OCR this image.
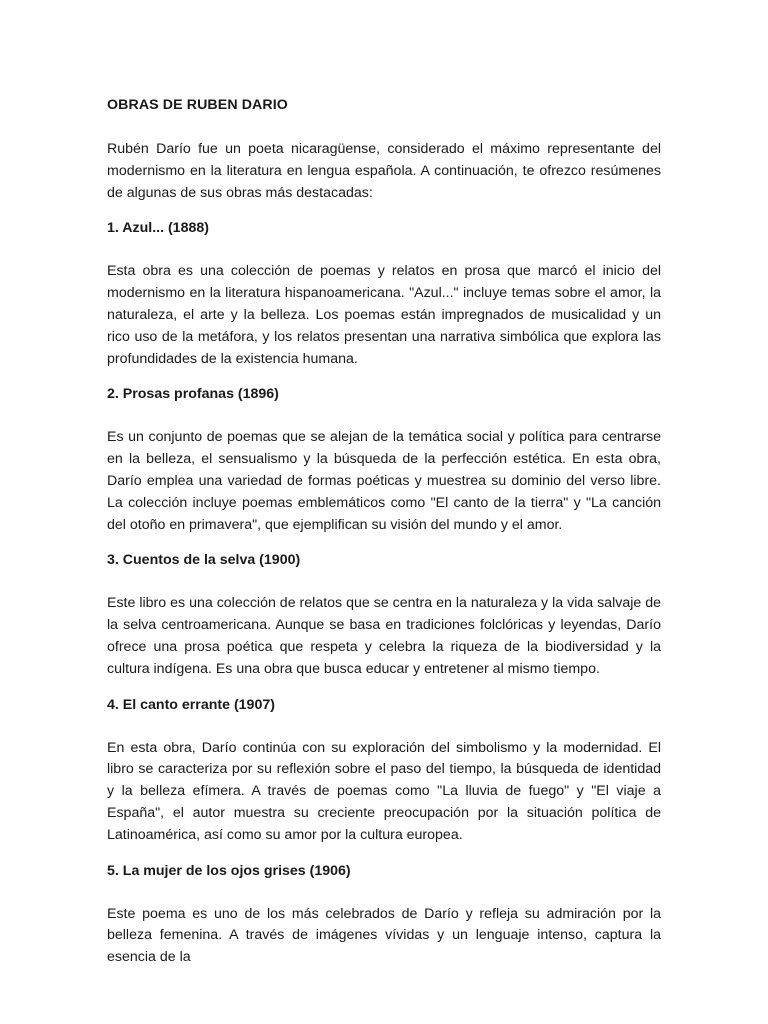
OBRAS DE RUBEN DARIO

Rubén Darío fue un poeta nicaragüense, considerado el máximo representante del modernismo en la literatura en lengua española. A continuación, te ofrezco resúmenes de algunas de sus obras más destacadas:

1. Azul... (1888)

Esta obra es una colección de poemas y relatos en prosa que marcó el inicio del modernismo en la literatura hispanoamericana. "Azul..." incluye temas sobre el amor, la naturaleza, el arte y la belleza. Los poemas están impregnados de musicalidad y un rico uso de la metáfora, y los relatos presentan una narrativa simbólica que explora las profundidades de la existencia humana.

2. Prosas profanas (1896)

Es un conjunto de poemas que se alejan de la temática social y política para centrarse en la belleza, el sensualismo y la búsqueda de la perfección estética. En esta obra, Darío emplea una variedad de formas poéticas y muestrea su dominio del verso libre. La colección incluye poemas emblemáticos como "El canto de la tierra" y "La canción del otoño en primavera", que ejemplifican su visión del mundo y el amor.

3. Cuentos de la selva (1900)

Este libro es una colección de relatos que se centra en la naturaleza y la vida salvaje de la selva centroamericana. Aunque se basa en tradiciones folclóricas y leyendas, Darío ofrece una prosa poética que respeta y celebra la riqueza de la biodiversidad y la cultura indígena. Es una obra que busca educar y entretener al mismo tiempo.

4. El canto errante (1907)

En esta obra, Darío continúa con su exploración del simbolismo y la modernidad. El libro se caracteriza por su reflexión sobre el paso del tiempo, la búsqueda de identidad y la belleza efímera. A través de poemas como "La lluvia de fuego" y "El viaje a España", el autor muestra su creciente preocupación por la situación política de Latinoamérica, así como su amor por la cultura europea.

5. La mujer de los ojos grises (1906)

Este poema es uno de los más celebrados de Darío y refleja su admiración por la belleza femenina. A través de imágenes vívidas y un lenguaje intenso, captura la esencia de la
